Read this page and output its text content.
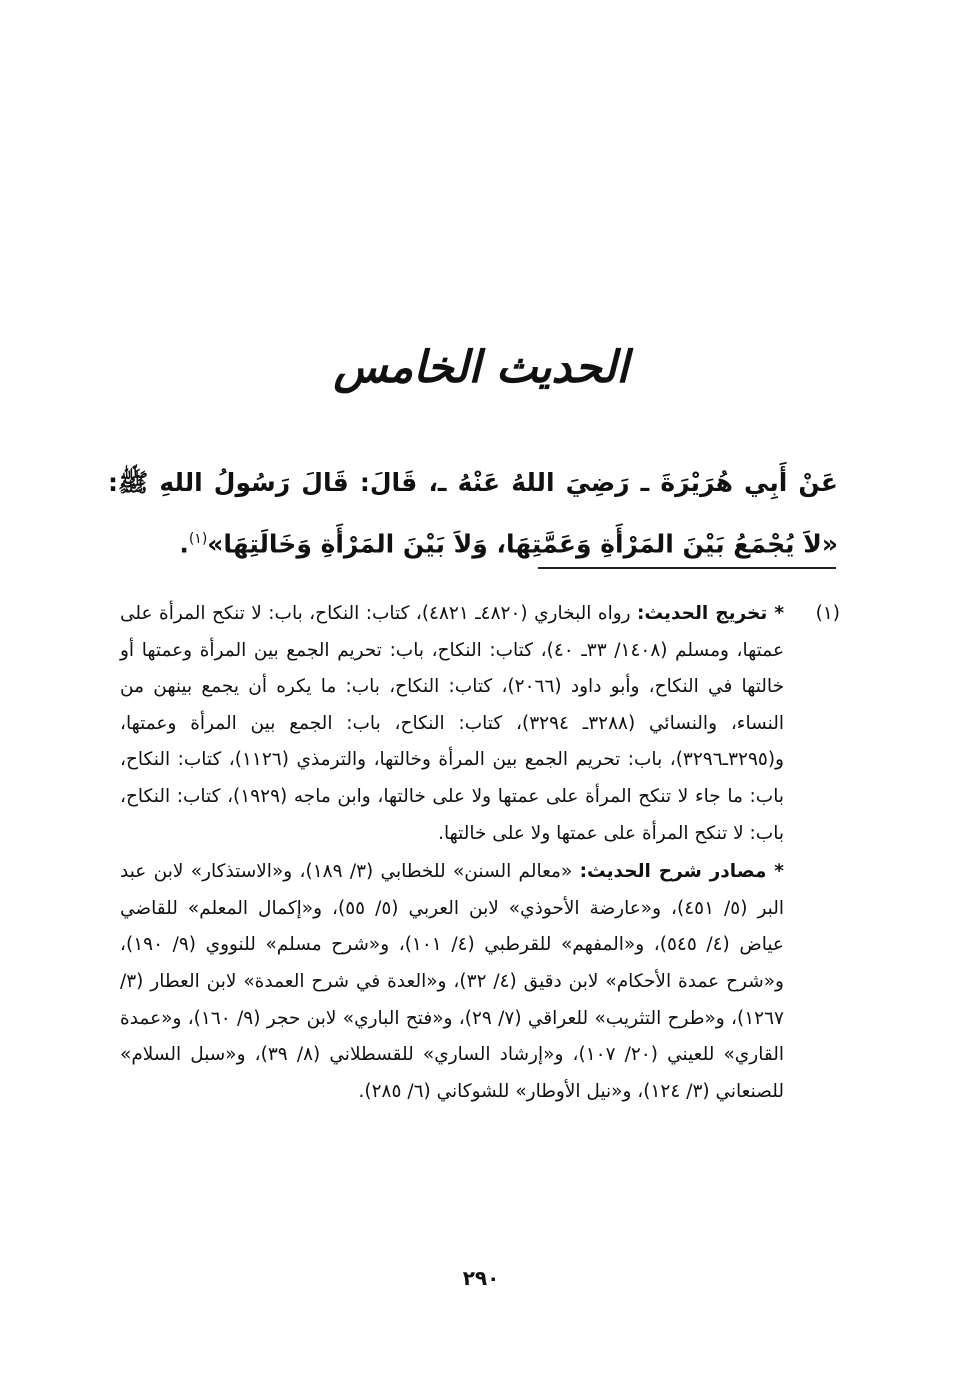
الحديث الخامس
عَنْ أَبِي هُرَيْرَةَ ـ رَضِيَ اللهُ عَنْهُ ـ، قَالَ: قَالَ رَسُولُ اللهِ ﷺ: «لاَ يُجْمَعُ بَيْنَ المَرْأَةِ وَعَمَّتِهَا، وَلاَ بَيْنَ المَرْأَةِ وَخَالَتِهَا»$^{(١)}$.
(١)

* تخريج الحديث: رواه البخاري (٤٨٢٠ـ ٤٨٢١)، كتاب: النكاح، باب: لا تنكح المرأة على عمتها، ومسلم (١٤٠٨/ ٣٣ـ ٤٠)، كتاب: النكاح، باب: تحريم الجمع بين المرأة وعمتها أو خالتها في النكاح، وأبو داود (٢٠٦٦)، كتاب: النكاح، باب: ما يكره أن يجمع بينهن من النساء، والنسائي (٣٢٨٨ـ ٣٢٩٤)، كتاب: النكاح، باب: الجمع بين المرأة وعمتها، و(٣٢٩٥ـ٣٢٩٦)، باب: تحريم الجمع بين المرأة وخالتها، والترمذي (١١٢٦)، كتاب: النكاح، باب: ما جاء لا تنكح المرأة على عمتها ولا على خالتها، وابن ماجه (١٩٢٩)، كتاب: النكاح، باب: لا تنكح المرأة على عمتها ولا على خالتها.

* مصادر شرح الحديث: «معالم السنن» للخطابي (٣/ ١٨٩)، و«الاستذكار» لابن عبد البر (٥/ ٤٥١)، و«عارضة الأحوذي» لابن العربي (٥/ ٥٥)، و«إكمال المعلم» للقاضي عياض (٤/ ٥٤٥)، و«المفهم» للقرطبي (٤/ ١٠١)، و«شرح مسلم» للنووي (٩/ ١٩٠)، و«شرح عمدة الأحكام» لابن دقيق (٤/ ٣٢)، و«العدة في شرح العمدة» لابن العطار (٣/ ١٢٦٧)، و«طرح التثريب» للعراقي (٧/ ٢٩)، و«فتح الباري» لابن حجر (٩/ ١٦٠)، و«عمدة القاري» للعيني (٢٠/ ١٠٧)، و«إرشاد الساري» للقسطلاني (٨/ ٣٩)، و«سبل السلام» للصنعاني (٣/ ١٢٤)، و«نيل الأوطار» للشوكاني (٦/ ٢٨٥).

٢٩٠
